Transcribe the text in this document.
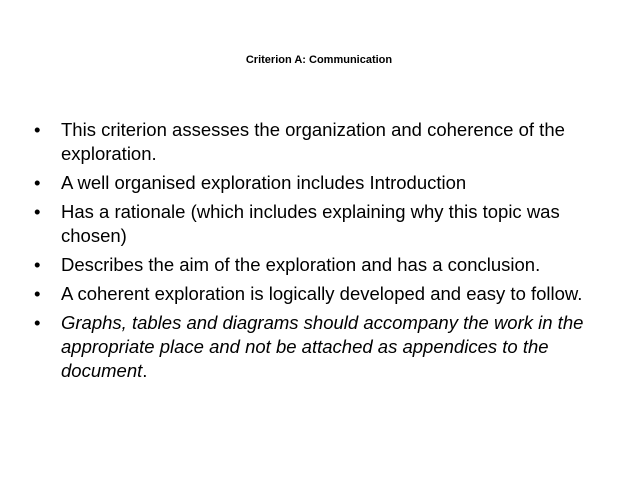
Criterion A: Communication
•	This criterion assesses the organization and coherence of the exploration.
•	A well organised exploration includes Introduction
•	Has a rationale (which includes explaining why this topic was chosen)
•	Describes the aim of the exploration and has a conclusion.
•	A coherent exploration is logically developed and easy to follow.
•	Graphs, tables and diagrams should accompany the work in the appropriate place and not be attached as appendices to the document.
